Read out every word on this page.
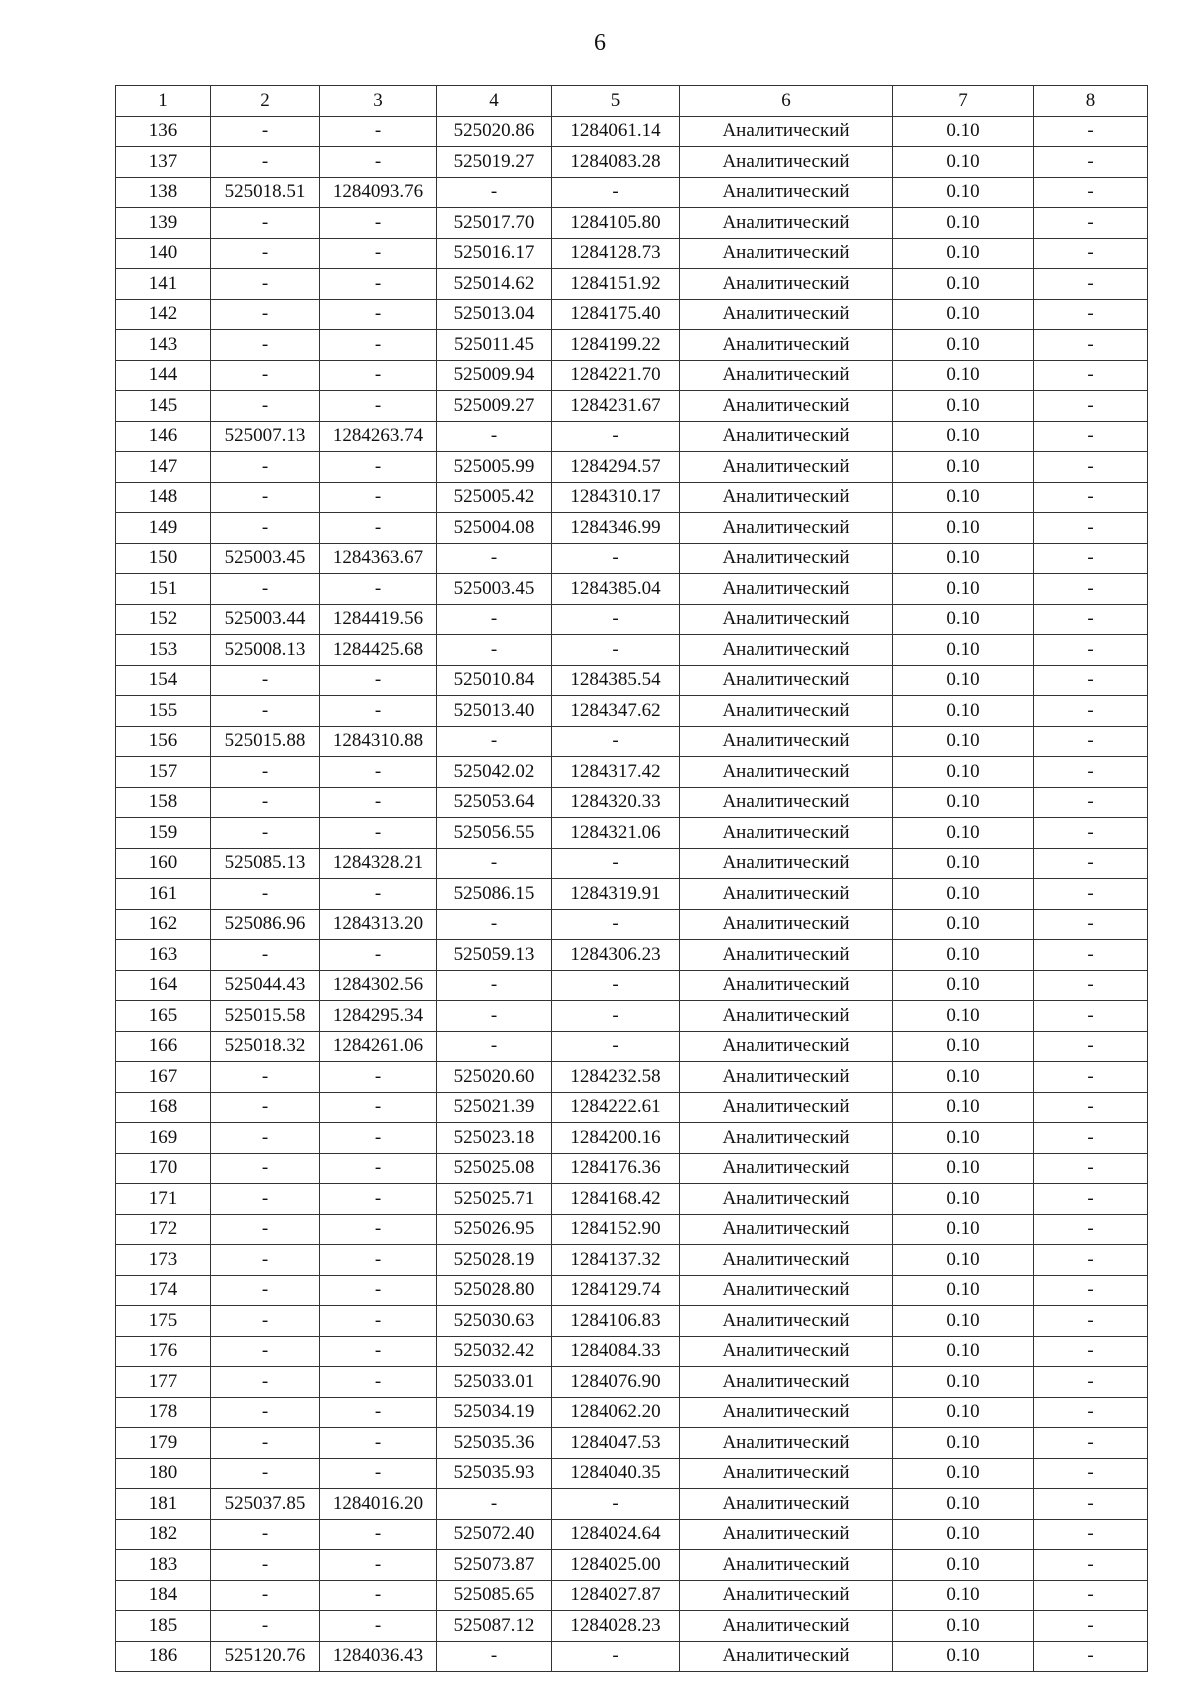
6
1	2	3	4	5	6	7	8
136	-	-	525020.86	1284061.14	Аналитический	0.10	-
137	-	-	525019.27	1284083.28	Аналитический	0.10	-
138	525018.51	1284093.76	-	-	Аналитический	0.10	-
139	-	-	525017.70	1284105.80	Аналитический	0.10	-
140	-	-	525016.17	1284128.73	Аналитический	0.10	-
141	-	-	525014.62	1284151.92	Аналитический	0.10	-
142	-	-	525013.04	1284175.40	Аналитический	0.10	-
143	-	-	525011.45	1284199.22	Аналитический	0.10	-
144	-	-	525009.94	1284221.70	Аналитический	0.10	-
145	-	-	525009.27	1284231.67	Аналитический	0.10	-
146	525007.13	1284263.74	-	-	Аналитический	0.10	-
147	-	-	525005.99	1284294.57	Аналитический	0.10	-
148	-	-	525005.42	1284310.17	Аналитический	0.10	-
149	-	-	525004.08	1284346.99	Аналитический	0.10	-
150	525003.45	1284363.67	-	-	Аналитический	0.10	-
151	-	-	525003.45	1284385.04	Аналитический	0.10	-
152	525003.44	1284419.56	-	-	Аналитический	0.10	-
153	525008.13	1284425.68	-	-	Аналитический	0.10	-
154	-	-	525010.84	1284385.54	Аналитический	0.10	-
155	-	-	525013.40	1284347.62	Аналитический	0.10	-
156	525015.88	1284310.88	-	-	Аналитический	0.10	-
157	-	-	525042.02	1284317.42	Аналитический	0.10	-
158	-	-	525053.64	1284320.33	Аналитический	0.10	-
159	-	-	525056.55	1284321.06	Аналитический	0.10	-
160	525085.13	1284328.21	-	-	Аналитический	0.10	-
161	-	-	525086.15	1284319.91	Аналитический	0.10	-
162	525086.96	1284313.20	-	-	Аналитический	0.10	-
163	-	-	525059.13	1284306.23	Аналитический	0.10	-
164	525044.43	1284302.56	-	-	Аналитический	0.10	-
165	525015.58	1284295.34	-	-	Аналитический	0.10	-
166	525018.32	1284261.06	-	-	Аналитический	0.10	-
167	-	-	525020.60	1284232.58	Аналитический	0.10	-
168	-	-	525021.39	1284222.61	Аналитический	0.10	-
169	-	-	525023.18	1284200.16	Аналитический	0.10	-
170	-	-	525025.08	1284176.36	Аналитический	0.10	-
171	-	-	525025.71	1284168.42	Аналитический	0.10	-
172	-	-	525026.95	1284152.90	Аналитический	0.10	-
173	-	-	525028.19	1284137.32	Аналитический	0.10	-
174	-	-	525028.80	1284129.74	Аналитический	0.10	-
175	-	-	525030.63	1284106.83	Аналитический	0.10	-
176	-	-	525032.42	1284084.33	Аналитический	0.10	-
177	-	-	525033.01	1284076.90	Аналитический	0.10	-
178	-	-	525034.19	1284062.20	Аналитический	0.10	-
179	-	-	525035.36	1284047.53	Аналитический	0.10	-
180	-	-	525035.93	1284040.35	Аналитический	0.10	-
181	525037.85	1284016.20	-	-	Аналитический	0.10	-
182	-	-	525072.40	1284024.64	Аналитический	0.10	-
183	-	-	525073.87	1284025.00	Аналитический	0.10	-
184	-	-	525085.65	1284027.87	Аналитический	0.10	-
185	-	-	525087.12	1284028.23	Аналитический	0.10	-
186	525120.76	1284036.43	-	-	Аналитический	0.10	-
